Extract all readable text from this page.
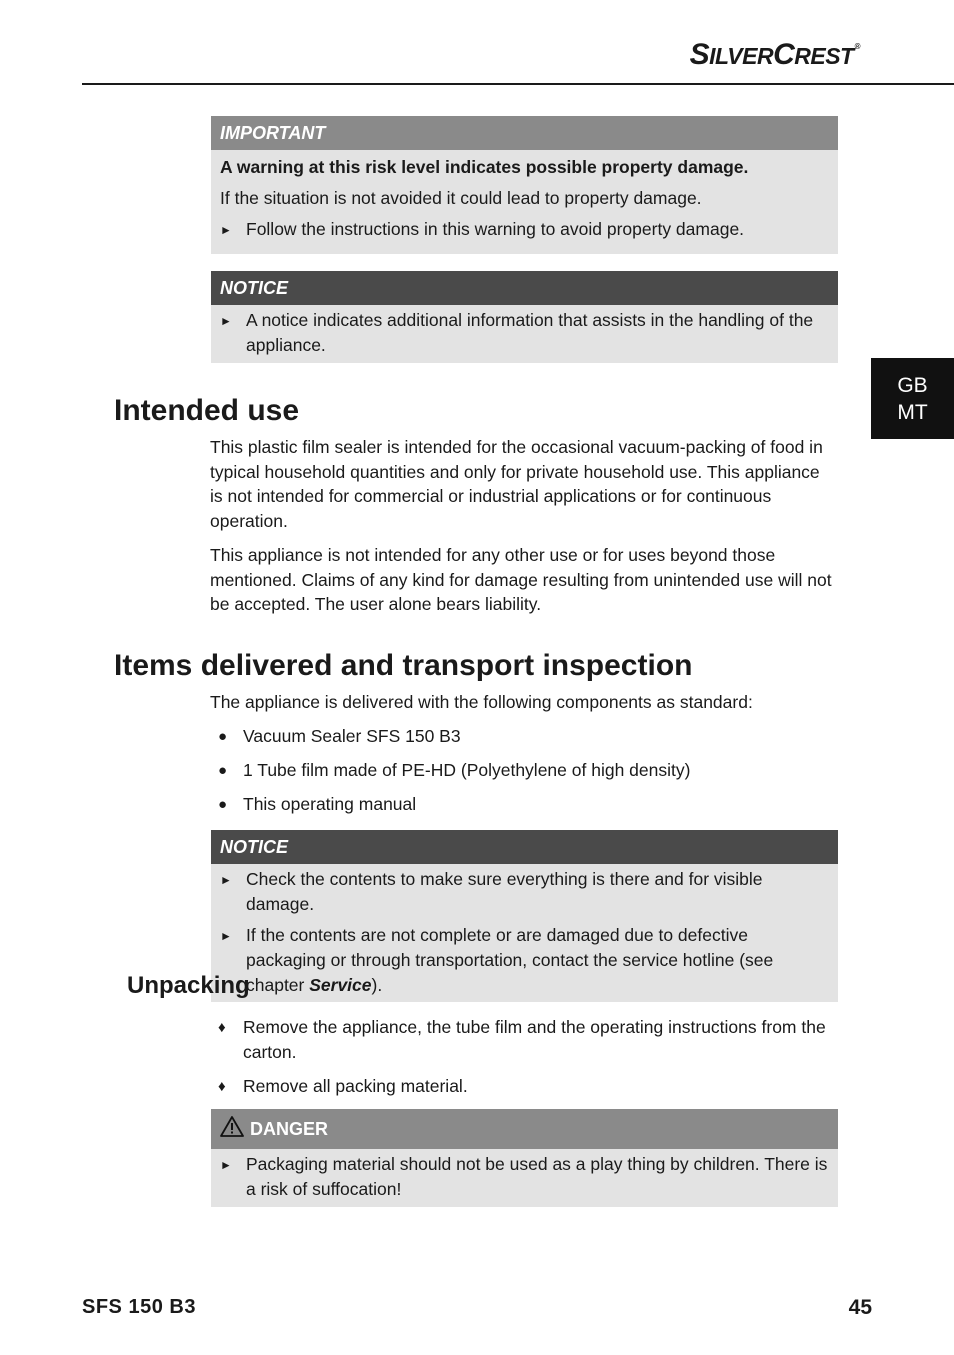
SILVERCREST®
GB
MT
IMPORTANT

A warning at this risk level indicates possible property damage.

If the situation is not avoided it could lead to property damage.

► Follow the instructions in this warning to avoid property damage.
NOTICE
► A notice indicates additional information that assists in the handling of the appliance.
Intended use

This plastic film sealer is intended for the occasional vacuum-packing of food in typical household quantities and only for private household use. This appliance is not intended for commercial or industrial applications or for continuous operation.

This appliance is not intended for any other use or for uses beyond those mentioned. Claims of any kind for damage resulting from unintended use will not be accepted. The user alone bears liability.

Items delivered and transport inspection

The appliance is delivered with the following components as standard:

● Vacuum Sealer SFS 150 B3
● 1 Tube film made of PE-HD (Polyethylene of high density)
● This operating manual
NOTICE
► Check the contents to make sure everything is there and for visible damage.
► If the contents are not complete or are damaged due to defective packaging or through transportation, contact the service hotline (see chapter Service).
Unpacking
♦ Remove the appliance, the tube film and the operating instructions from the carton.
♦ Remove all packing material.
DANGER
► Packaging material should not be used as a play thing by children. There is a risk of suffocation!
SFS 150 B3	45
